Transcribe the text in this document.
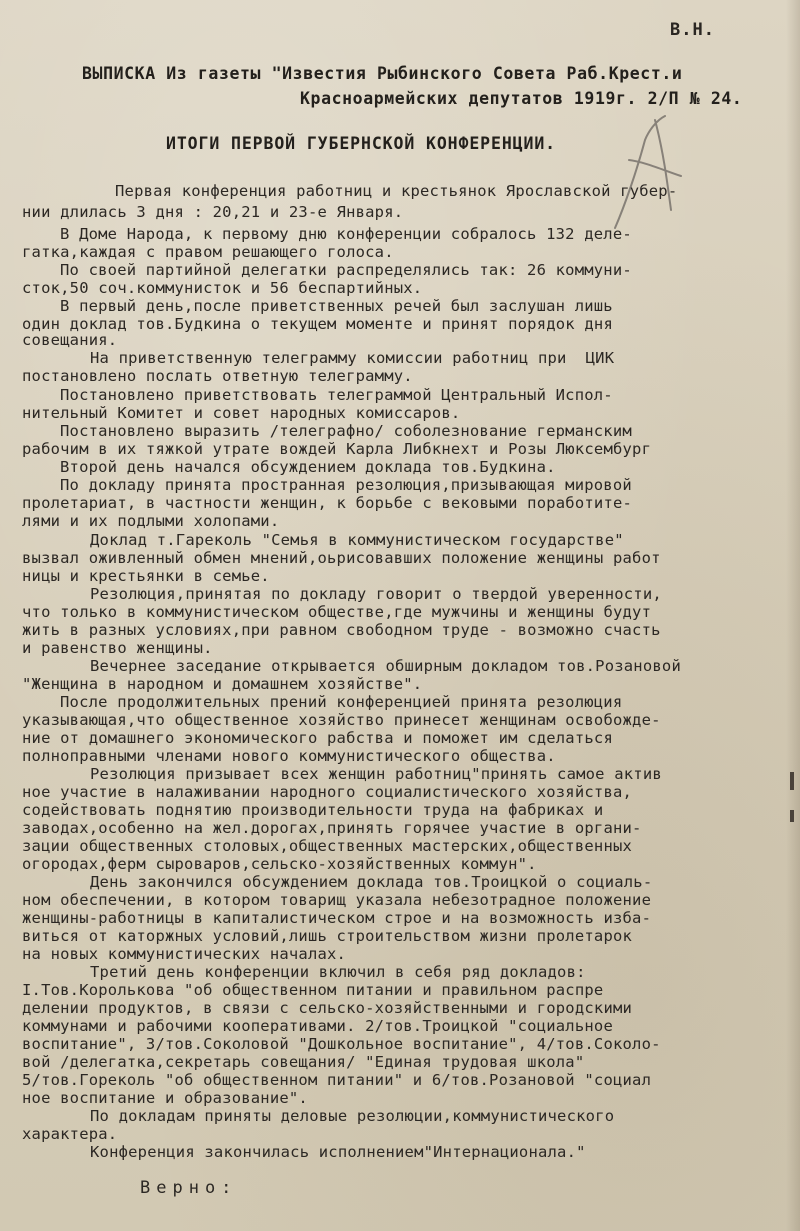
В.Н.
ВЫПИСКА Из газеты "Известия Рыбинского Совета Раб.Крест.и
Красноармейских депутатов 1919г. 2/П № 24.
ИТОГИ ПЕРВОЙ ГУБЕРНСКОЙ КОНФЕРЕНЦИИ.
Первая конференция работниц и крестьянок Ярославской губер-
нии длилась 3 дня : 20,21 и 23-е Января.
В Доме Народа, к первому дню конференции собралось 132 деле-
гатка,каждая с правом решающего голоса.
По своей партийной делегатки распределялись так: 26 коммуни-
сток,50 соч.коммунисток и 56 беспартийных.
В первый день,после приветственных речей был заслушан лишь
один доклад тов.Будкина о текущем моменте и принят порядок дня
совещания.
На приветственную телеграмму комиссии работниц при  ЦИК
постановлено послать ответную телеграмму.
Постановлено приветствовать телеграммой Центральный Испол-
нительный Комитет и совет народных комиссаров.
Постановлено выразить /телеграфно/ соболезнование германским
рабочим в их тяжкой утрате вождей Карла Либкнехт и Розы Люксембург
Второй день начался обсуждением доклада тов.Будкина.
По докладу принята пространная резолюция,призывающая мировой
пролетариат, в частности женщин, к борьбе с вековыми поработите-
лями и их подлыми холопами.
Доклад т.Гареколь "Семья в коммунистическом государстве"
вызвал оживленный обмен мнений,оьрисовавших положение женщины работ
ницы и крестьянки в семье.
Резолюция,принятая по докладу говорит о твердой уверенности,
что только в коммунистическом обществе,где мужчины и женщины будут
жить в разных условиях,при равном свободном труде - возможно счасть
и равенство женщины.
Вечернее заседание открывается обширным докладом тов.Розановой
"Женщина в народном и домашнем хозяйстве".
После продолжительных прений конференцией принята резолюция
указывающая,что общественное хозяйство принесет женщинам освобожде-
ние от домашнего экономического рабства и поможет им сделаться
полноправными членами нового коммунистического общества.
Резолюция призывает всех женщин работниц"принять самое актив
ное участие в налаживании народного социалистического хозяйства,
содействовать поднятию производительности труда на фабриках и
заводах,особенно на жел.дорогах,принять горячее участие в органи-
зации общественных столовых,общественных мастерских,общественных
огородах,ферм сыроваров,сельско-хозяйственных коммун".
День закончился обсуждением доклада тов.Троицкой о социаль-
ном обеспечении, в котором товарищ указала небезотрадное положение
женщины-работницы в капиталистическом строе и на возможность изба-
виться от каторжных условий,лишь строительством жизни пролетарок
на новых коммунистических началах.
Третий день конференции включил в себя ряд докладов:
I.Тов.Королькова "об общественном питании и правильном распре
делении продуктов, в связи с сельско-хозяйственными и городскими
коммунами и рабочими кооперативами. 2/тов.Троицкой "социальное
воспитание", 3/тов.Соколовой "Дошкольное воспитание", 4/тов.Соколо-
вой /делегатка,секретарь совещания/ "Единая трудовая школа"
5/тов.Гореколь "об общественном питании" и 6/тов.Розановой "социал
ное воспитание и образование".
По докладам приняты деловые резолюции,коммунистического
характера.
Конференция закончилась исполнением"Интернационала."
Верно:
